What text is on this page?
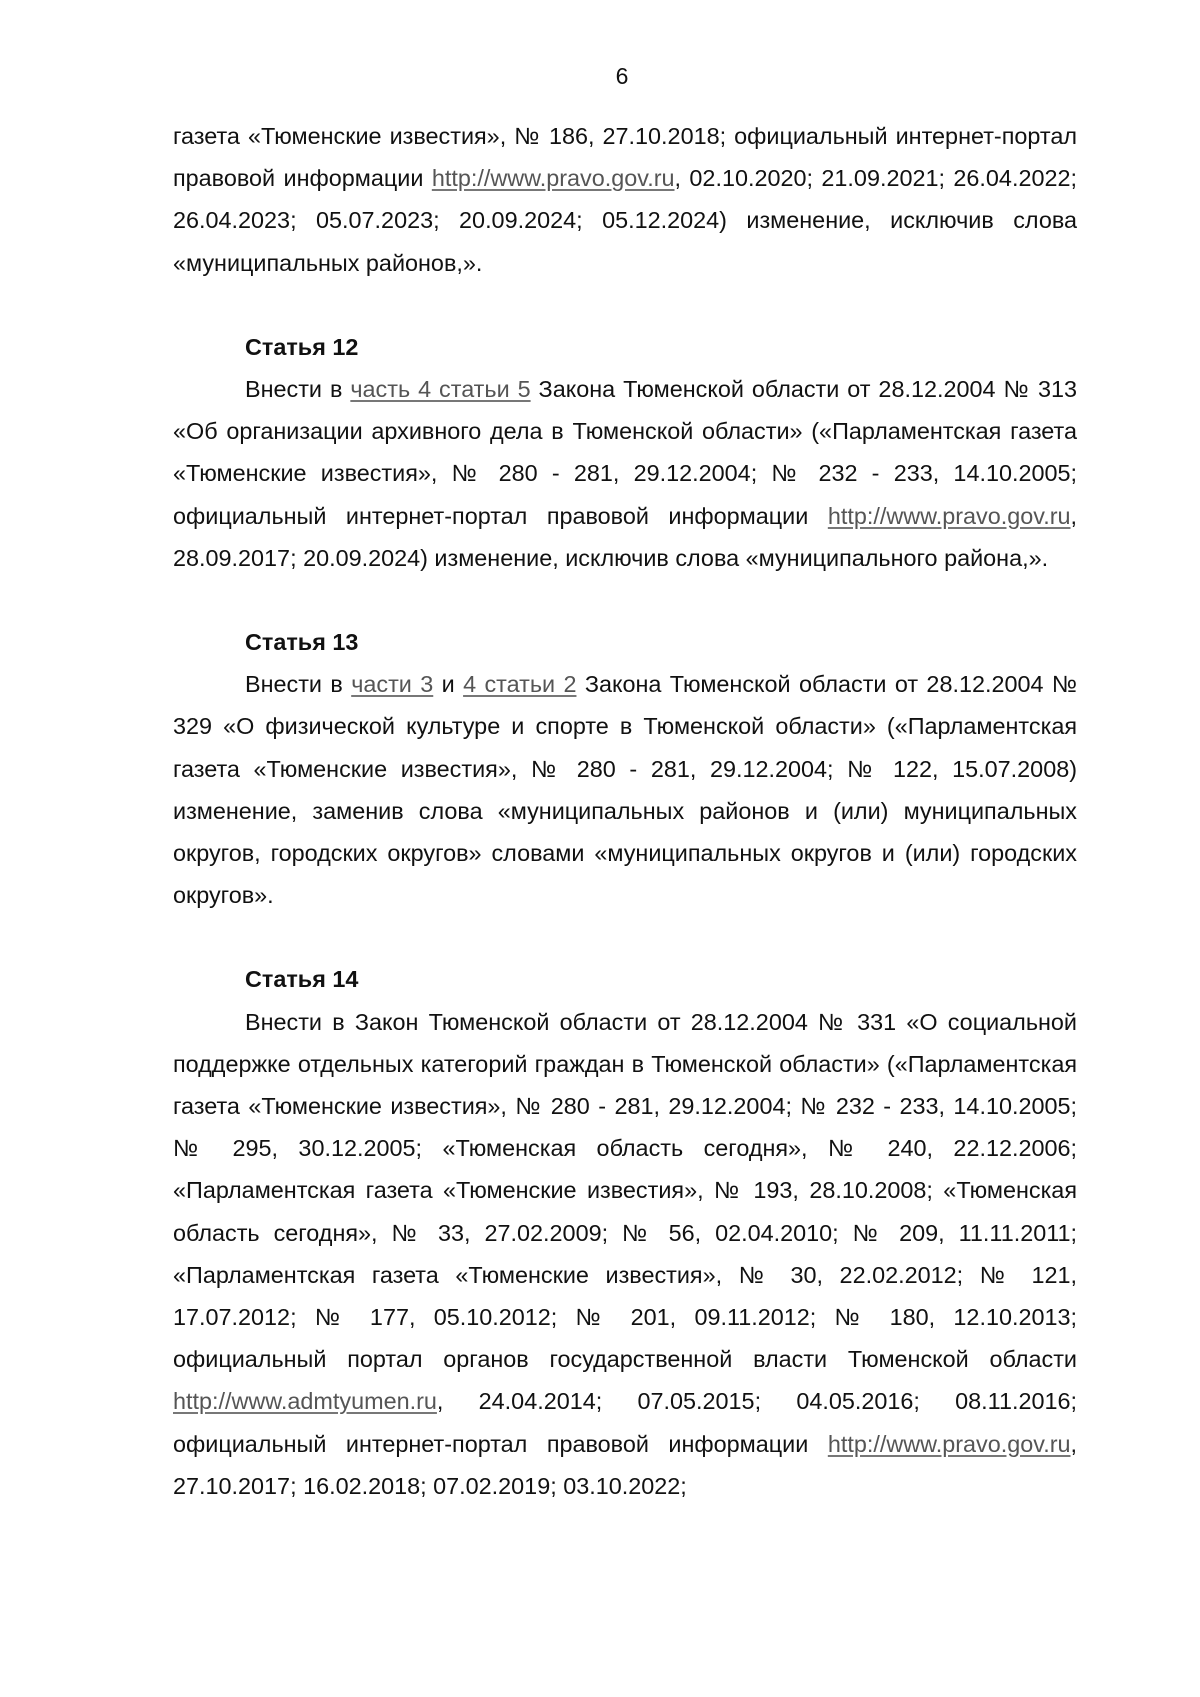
6

газета «Тюменские известия», № 186, 27.10.2018; официальный интернет-портал правовой информации http://www.pravo.gov.ru, 02.10.2020; 21.09.2021; 26.04.2022; 26.04.2023; 05.07.2023; 20.09.2024; 05.12.2024) изменение, исключив слова «муниципальных районов,».

Статья 12

Внести в часть 4 статьи 5 Закона Тюменской области от 28.12.2004 № 313 «Об организации архивного дела в Тюменской области» («Парламентская газета «Тюменские известия», № 280 - 281, 29.12.2004; № 232 - 233, 14.10.2005; официальный интернет-портал правовой информации http://www.pravo.gov.ru, 28.09.2017; 20.09.2024) изменение, исключив слова «муниципального района,».

Статья 13

Внести в части 3 и 4 статьи 2 Закона Тюменской области от 28.12.2004 № 329 «О физической культуре и спорте в Тюменской области» («Парламентская газета «Тюменские известия», № 280 - 281, 29.12.2004; № 122, 15.07.2008) изменение, заменив слова «муниципальных районов и (или) муниципальных округов, городских округов» словами «муниципальных округов и (или) городских округов».

Статья 14

Внести в Закон Тюменской области от 28.12.2004 № 331 «О социальной поддержке отдельных категорий граждан в Тюменской области» («Парламентская газета «Тюменские известия», № 280 - 281, 29.12.2004; № 232 - 233, 14.10.2005; № 295, 30.12.2005; «Тюменская область сегодня», № 240, 22.12.2006; «Парламентская газета «Тюменские известия», № 193, 28.10.2008; «Тюменская область сегодня», № 33, 27.02.2009; № 56, 02.04.2010; № 209, 11.11.2011; «Парламентская газета «Тюменские известия», № 30, 22.02.2012; № 121, 17.07.2012; № 177, 05.10.2012; № 201, 09.11.2012; № 180, 12.10.2013; официальный портал органов государственной власти Тюменской области http://www.admtyumen.ru, 24.04.2014; 07.05.2015; 04.05.2016; 08.11.2016; официальный интернет-портал правовой информации http://www.pravo.gov.ru, 27.10.2017; 16.02.2018; 07.02.2019; 03.10.2022;
